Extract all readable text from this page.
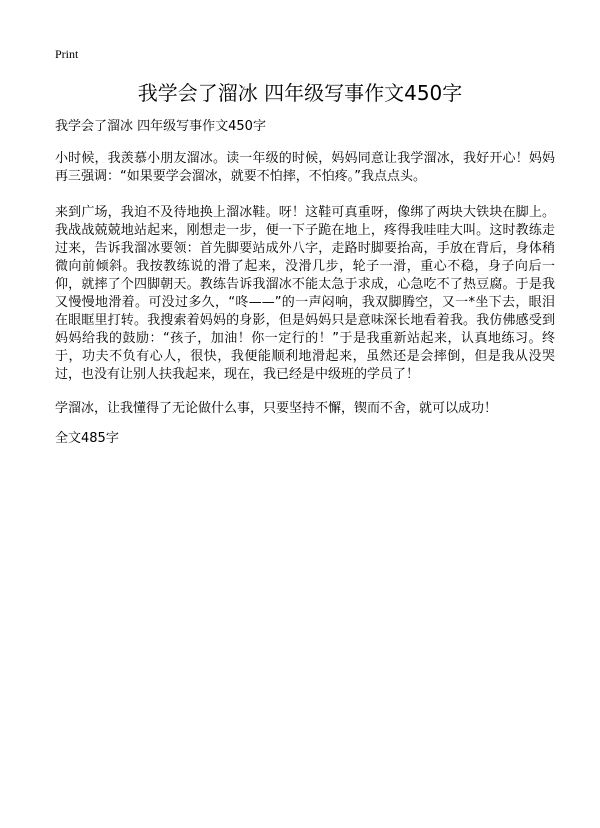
Print
我学会了溜冰 四年级写事作文450字

我学会了溜冰 四年级写事作文450字

小时候，我羡慕小朋友溜冰。读一年级的时候，妈妈同意让我学溜冰，我好开心！妈妈再三强调：“如果要学会溜冰，就要不怕摔，不怕疼。”我点点头。

来到广场，我迫不及待地换上溜冰鞋。呀！这鞋可真重呀，像绑了两块大铁块在脚上。我战战兢兢地站起来，刚想走一步，便一下子跪在地上，疼得我哇哇大叫。这时教练走过来，告诉我溜冰要领：首先脚要站成外八字，走路时脚要抬高，手放在背后，身体稍微向前倾斜。我按教练说的滑了起来，没滑几步，轮子一滑，重心不稳，身子向后一仰，就摔了个四脚朝天。教练告诉我溜冰不能太急于求成，心急吃不了热豆腐。于是我又慢慢地滑着。可没过多久，“咚——”的一声闷响，我双脚腾空，又一*坐下去，眼泪在眼眶里打转。我搜索着妈妈的身影，但是妈妈只是意味深长地看着我。我仿佛感受到妈妈给我的鼓励：“孩子，加油！你一定行的！”于是我重新站起来，认真地练习。终于，功夫不负有心人，很快，我便能顺利地滑起来，虽然还是会摔倒，但是我从没哭过，也没有让别人扶我起来，现在，我已经是中级班的学员了！

学溜冰，让我懂得了无论做什么事，只要坚持不懈，锲而不舍，就可以成功！

全文485字
